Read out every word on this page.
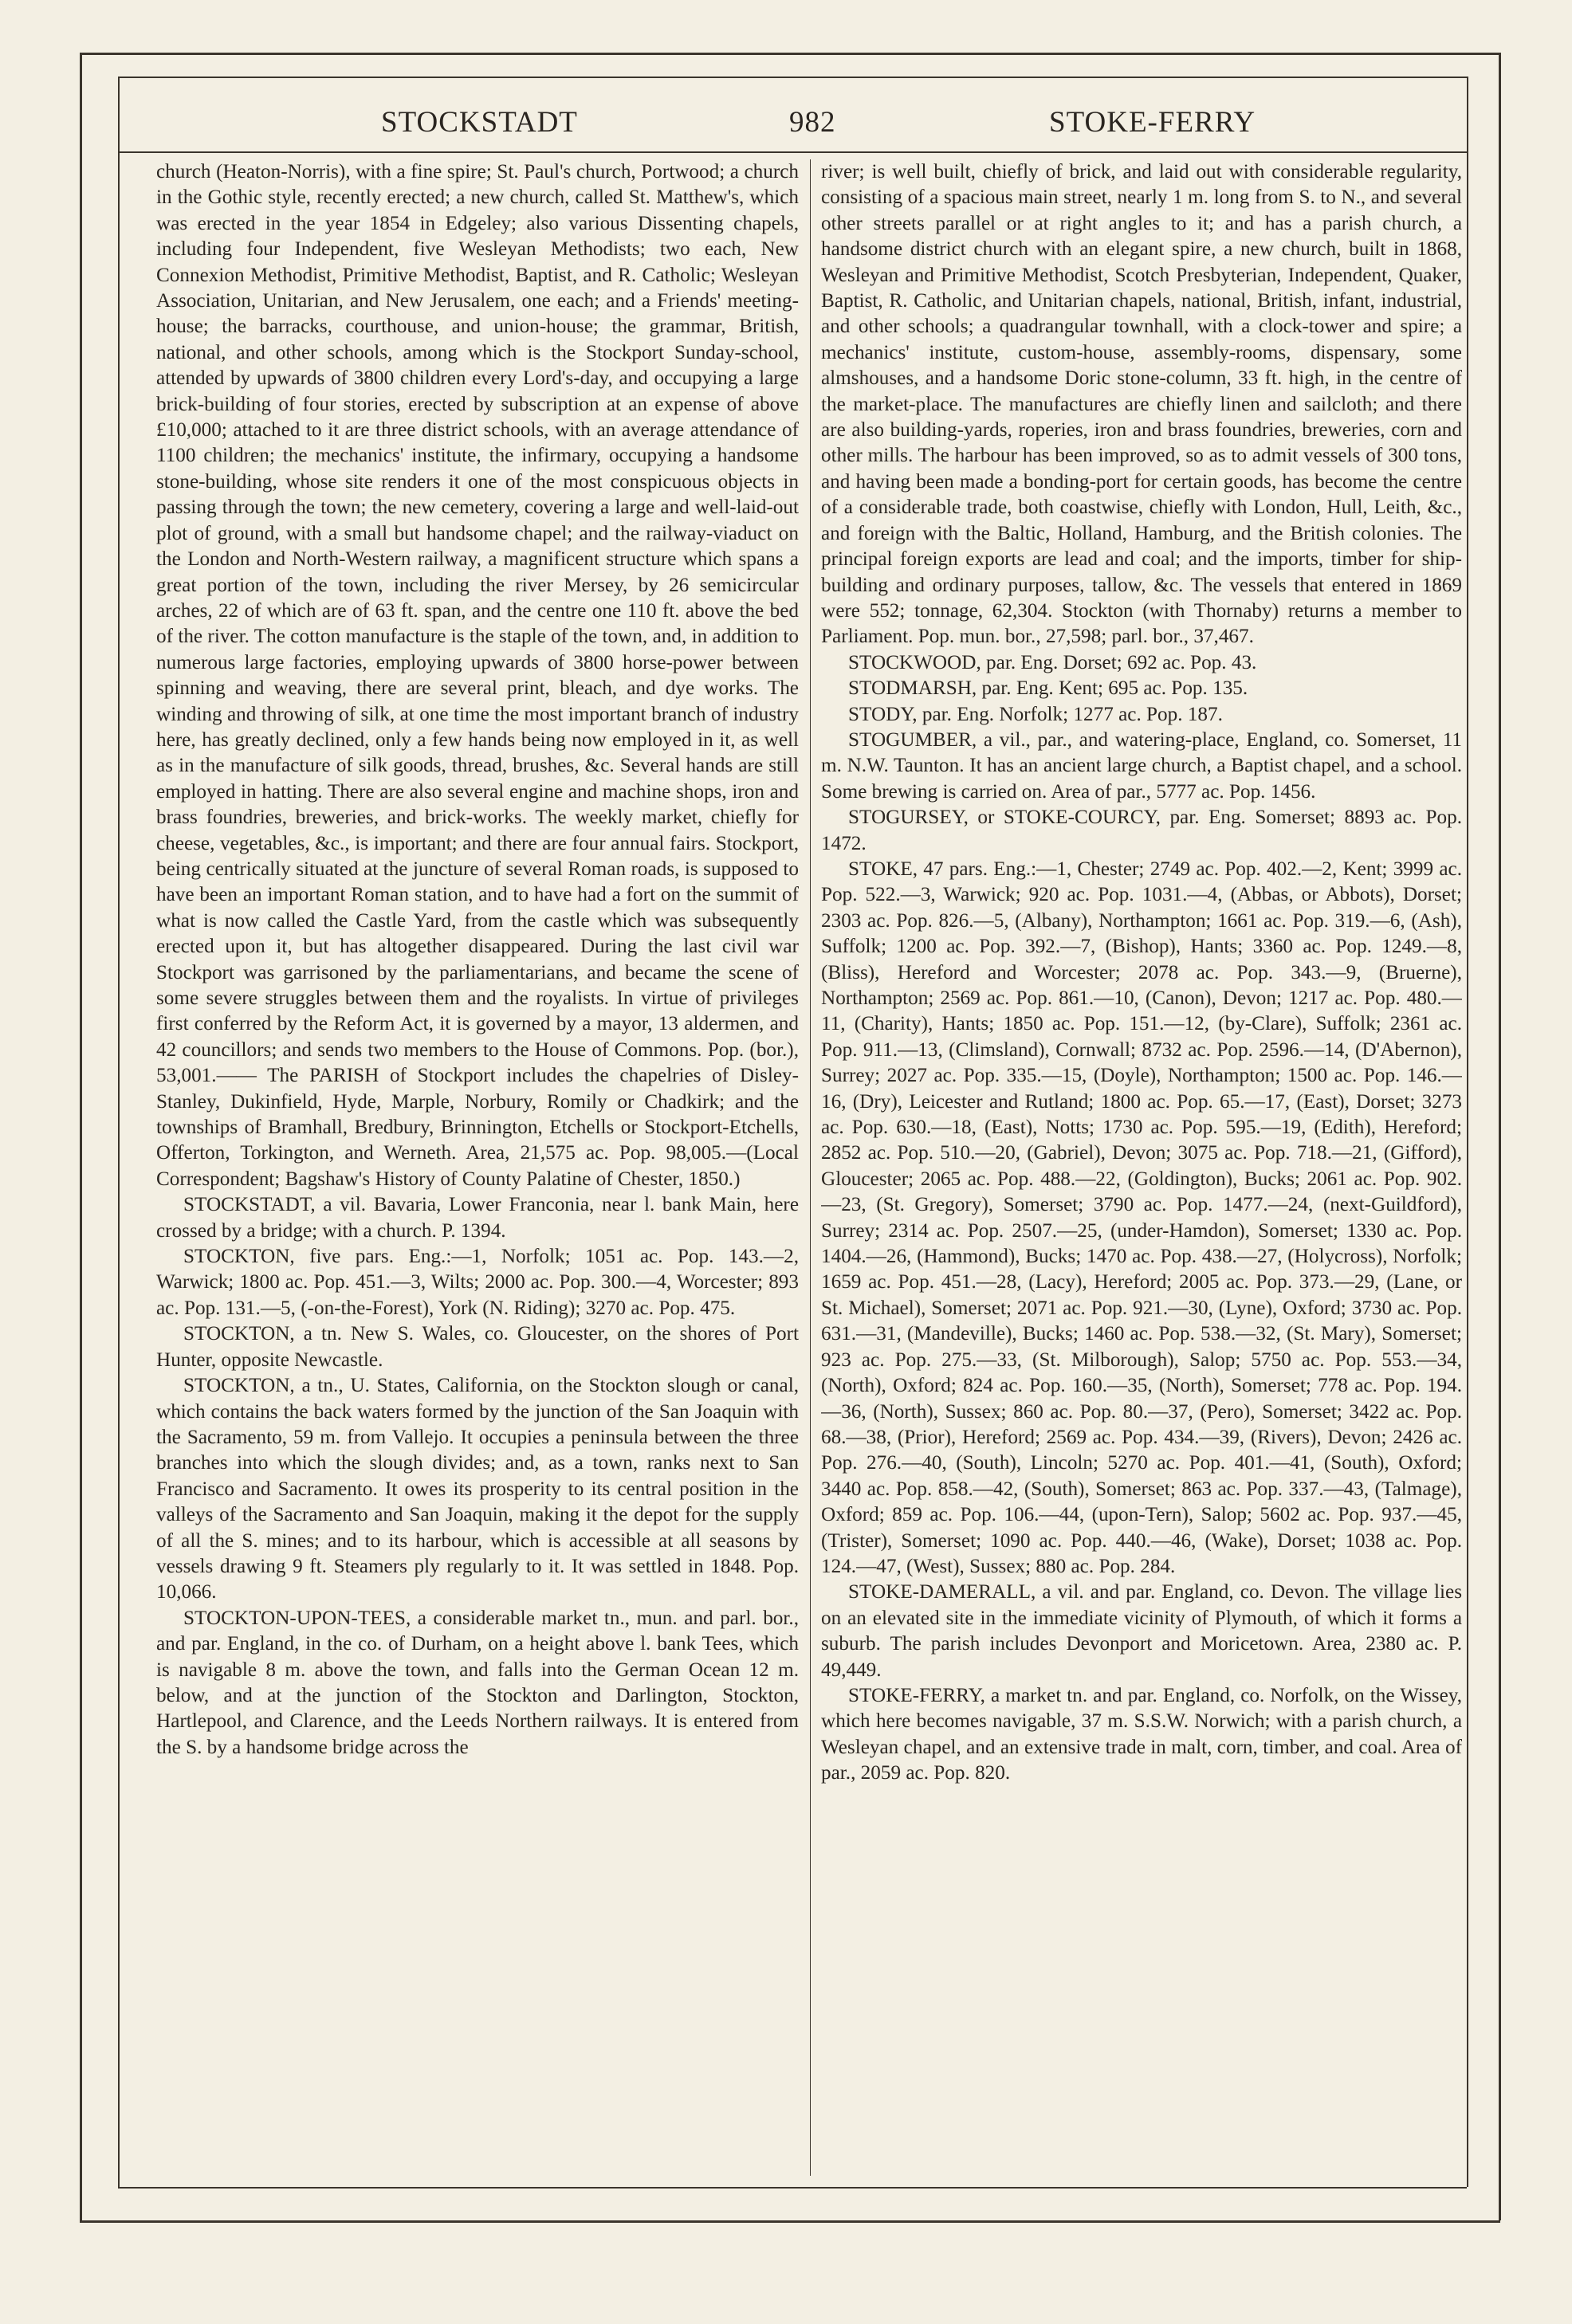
STOCKSTADT	982	STOKE-FERRY

church (Heaton-Norris), with a fine spire; St. Paul's church, Portwood; a church in the Gothic style, recently erected; a new church, called St. Matthew's, which was erected in the year 1854 in Edgeley; also various Dissenting chapels, including four Independent, five Wesleyan Methodists; two each, New Connexion Methodist, Primitive Methodist, Baptist, and R. Catholic; Wesleyan Association, Unitarian, and New Jerusalem, one each; and a Friends' meeting-house; the barracks, courthouse, and union-house; the grammar, British, national, and other schools, among which is the Stockport Sunday-school, attended by upwards of 3800 children every Lord's-day, and occupying a large brick-building of four stories, erected by subscription at an expense of above £10,000; attached to it are three district schools, with an average attendance of 1100 children; the mechanics' institute, the infirmary, occupying a handsome stone-building, whose site renders it one of the most conspicuous objects in passing through the town; the new cemetery, covering a large and well-laid-out plot of ground, with a small but handsome chapel; and the railway-viaduct on the London and North-Western railway, a magnificent structure which spans a great portion of the town, including the river Mersey, by 26 semicircular arches, 22 of which are of 63 ft. span, and the centre one 110 ft. above the bed of the river. The cotton manufacture is the staple of the town, and, in addition to numerous large factories, employing upwards of 3800 horse-power between spinning and weaving, there are several print, bleach, and dye works. The winding and throwing of silk, at one time the most important branch of industry here, has greatly declined, only a few hands being now employed in it, as well as in the manufacture of silk goods, thread, brushes, &c. Several hands are still employed in hatting. There are also several engine and machine shops, iron and brass foundries, breweries, and brick-works. The weekly market, chiefly for cheese, vegetables, &c., is important; and there are four annual fairs. Stockport, being centrically situated at the juncture of several Roman roads, is supposed to have been an important Roman station, and to have had a fort on the summit of what is now called the Castle Yard, from the castle which was subsequently erected upon it, but has altogether disappeared. During the last civil war Stockport was garrisoned by the parliamentarians, and became the scene of some severe struggles between them and the royalists. In virtue of privileges first conferred by the Reform Act, it is governed by a mayor, 13 aldermen, and 42 councillors; and sends two members to the House of Commons. Pop. (bor.), 53,001.—— The PARISH of Stockport includes the chapelries of Disley-Stanley, Dukinfield, Hyde, Marple, Norbury, Romily or Chadkirk; and the townships of Bramhall, Bredbury, Brinnington, Etchells or Stockport-Etchells, Offerton, Torkington, and Werneth. Area, 21,575 ac. Pop. 98,005.—(Local Correspondent; Bagshaw's History of County Palatine of Chester, 1850.)

STOCKSTADT, a vil. Bavaria, Lower Franconia, near l. bank Main, here crossed by a bridge; with a church. P. 1394.

STOCKTON, five pars. Eng.:—1, Norfolk; 1051 ac. Pop. 143.—2, Warwick; 1800 ac. Pop. 451.—3, Wilts; 2000 ac. Pop. 300.—4, Worcester; 893 ac. Pop. 131.—5, (-on-the-Forest), York (N. Riding); 3270 ac. Pop. 475.

STOCKTON, a tn. New S. Wales, co. Gloucester, on the shores of Port Hunter, opposite Newcastle.

STOCKTON, a tn., U. States, California, on the Stockton slough or canal, which contains the back waters formed by the junction of the San Joaquin with the Sacramento, 59 m. from Vallejo. It occupies a peninsula between the three branches into which the slough divides; and, as a town, ranks next to San Francisco and Sacramento. It owes its prosperity to its central position in the valleys of the Sacramento and San Joaquin, making it the depot for the supply of all the S. mines; and to its harbour, which is accessible at all seasons by vessels drawing 9 ft. Steamers ply regularly to it. It was settled in 1848. Pop. 10,066.

STOCKTON-UPON-TEES, a considerable market tn., mun. and parl. bor., and par. England, in the co. of Durham, on a height above l. bank Tees, which is navigable 8 m. above the town, and falls into the German Ocean 12 m. below, and at the junction of the Stockton and Darlington, Stockton, Hartlepool, and Clarence, and the Leeds Northern railways. It is entered from the S. by a handsome bridge across the

river; is well built, chiefly of brick, and laid out with considerable regularity, consisting of a spacious main street, nearly 1 m. long from S. to N., and several other streets parallel or at right angles to it; and has a parish church, a handsome district church with an elegant spire, a new church, built in 1868, Wesleyan and Primitive Methodist, Scotch Presbyterian, Independent, Quaker, Baptist, R. Catholic, and Unitarian chapels, national, British, infant, industrial, and other schools; a quadrangular townhall, with a clock-tower and spire; a mechanics' institute, custom-house, assembly-rooms, dispensary, some almshouses, and a handsome Doric stone-column, 33 ft. high, in the centre of the market-place. The manufactures are chiefly linen and sailcloth; and there are also building-yards, roperies, iron and brass foundries, breweries, corn and other mills. The harbour has been improved, so as to admit vessels of 300 tons, and having been made a bonding-port for certain goods, has become the centre of a considerable trade, both coastwise, chiefly with London, Hull, Leith, &c., and foreign with the Baltic, Holland, Hamburg, and the British colonies. The principal foreign exports are lead and coal; and the imports, timber for ship-building and ordinary purposes, tallow, &c. The vessels that entered in 1869 were 552; tonnage, 62,304. Stockton (with Thornaby) returns a member to Parliament. Pop. mun. bor., 27,598; parl. bor., 37,467.

STOCKWOOD, par. Eng. Dorset; 692 ac. Pop. 43.

STODMARSH, par. Eng. Kent; 695 ac. Pop. 135.

STODY, par. Eng. Norfolk; 1277 ac. Pop. 187.

STOGUMBER, a vil., par., and watering-place, England, co. Somerset, 11 m. N.W. Taunton. It has an ancient large church, a Baptist chapel, and a school. Some brewing is carried on. Area of par., 5777 ac. Pop. 1456.

STOGURSEY, or STOKE-COURCY, par. Eng. Somerset; 8893 ac. Pop. 1472.

STOKE, 47 pars. Eng.:—1, Chester; 2749 ac. Pop. 402.—2, Kent; 3999 ac. Pop. 522.—3, Warwick; 920 ac. Pop. 1031.—4, (Abbas, or Abbots), Dorset; 2303 ac. Pop. 826.—5, (Albany), Northampton; 1661 ac. Pop. 319.—6, (Ash), Suffolk; 1200 ac. Pop. 392.—7, (Bishop), Hants; 3360 ac. Pop. 1249.—8, (Bliss), Hereford and Worcester; 2078 ac. Pop. 343.—9, (Bruerne), Northampton; 2569 ac. Pop. 861.—10, (Canon), Devon; 1217 ac. Pop. 480.—11, (Charity), Hants; 1850 ac. Pop. 151.—12, (by-Clare), Suffolk; 2361 ac. Pop. 911.—13, (Climsland), Cornwall; 8732 ac. Pop. 2596.—14, (D'Abernon), Surrey; 2027 ac. Pop. 335.—15, (Doyle), Northampton; 1500 ac. Pop. 146.—16, (Dry), Leicester and Rutland; 1800 ac. Pop. 65.—17, (East), Dorset; 3273 ac. Pop. 630.—18, (East), Notts; 1730 ac. Pop. 595.—19, (Edith), Hereford; 2852 ac. Pop. 510.—20, (Gabriel), Devon; 3075 ac. Pop. 718.—21, (Gifford), Gloucester; 2065 ac. Pop. 488.—22, (Goldington), Bucks; 2061 ac. Pop. 902.—23, (St. Gregory), Somerset; 3790 ac. Pop. 1477.—24, (next-Guildford), Surrey; 2314 ac. Pop. 2507.—25, (under-Hamdon), Somerset; 1330 ac. Pop. 1404.—26, (Hammond), Bucks; 1470 ac. Pop. 438.—27, (Holycross), Norfolk; 1659 ac. Pop. 451.—28, (Lacy), Hereford; 2005 ac. Pop. 373.—29, (Lane, or St. Michael), Somerset; 2071 ac. Pop. 921.—30, (Lyne), Oxford; 3730 ac. Pop. 631.—31, (Mandeville), Bucks; 1460 ac. Pop. 538.—32, (St. Mary), Somerset; 923 ac. Pop. 275.—33, (St. Milborough), Salop; 5750 ac. Pop. 553.—34, (North), Oxford; 824 ac. Pop. 160.—35, (North), Somerset; 778 ac. Pop. 194.—36, (North), Sussex; 860 ac. Pop. 80.—37, (Pero), Somerset; 3422 ac. Pop. 68.—38, (Prior), Hereford; 2569 ac. Pop. 434.—39, (Rivers), Devon; 2426 ac. Pop. 276.—40, (South), Lincoln; 5270 ac. Pop. 401.—41, (South), Oxford; 3440 ac. Pop. 858.—42, (South), Somerset; 863 ac. Pop. 337.—43, (Talmage), Oxford; 859 ac. Pop. 106.—44, (upon-Tern), Salop; 5602 ac. Pop. 937.—45, (Trister), Somerset; 1090 ac. Pop. 440.—46, (Wake), Dorset; 1038 ac. Pop. 124.—47, (West), Sussex; 880 ac. Pop. 284.

STOKE-DAMERALL, a vil. and par. England, co. Devon. The village lies on an elevated site in the immediate vicinity of Plymouth, of which it forms a suburb. The parish includes Devonport and Moricetown. Area, 2380 ac. P. 49,449.

STOKE-FERRY, a market tn. and par. England, co. Norfolk, on the Wissey, which here becomes navigable, 37 m. S.S.W. Norwich; with a parish church, a Wesleyan chapel, and an extensive trade in malt, corn, timber, and coal. Area of par., 2059 ac. Pop. 820.
